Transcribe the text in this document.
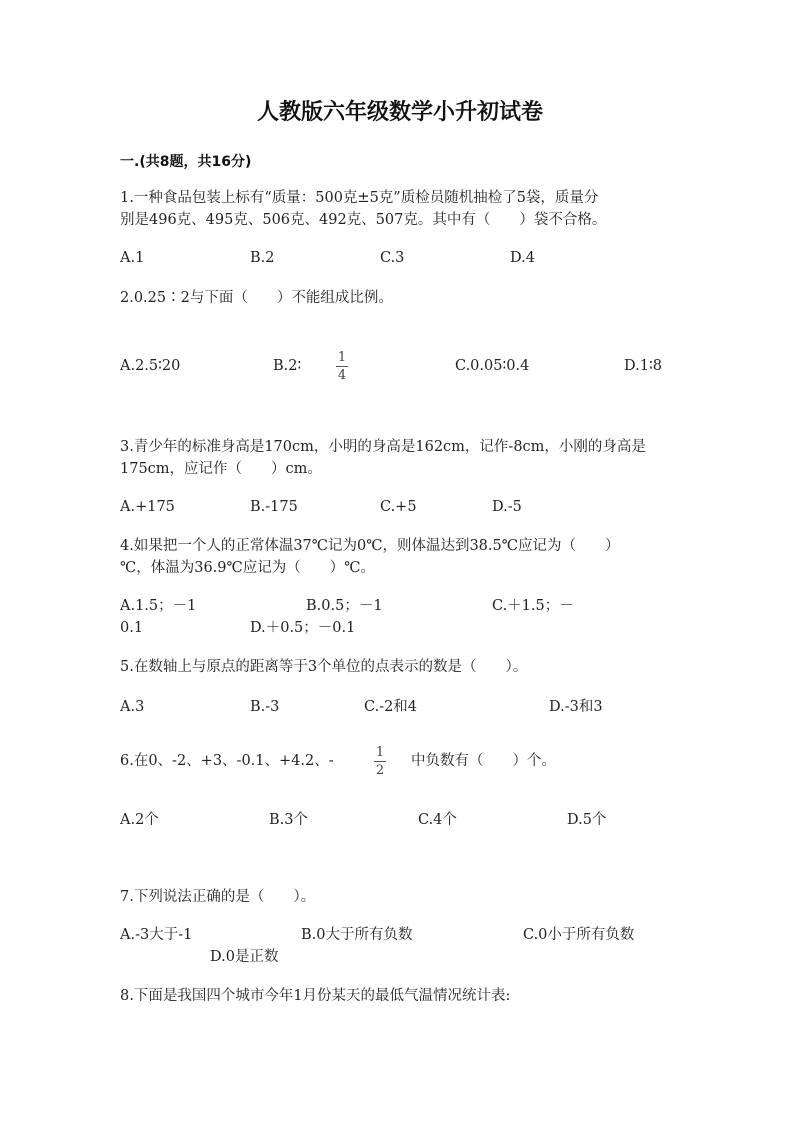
人教版六年级数学小升初试卷
一.(共8题，共16分)
1.一种食品包装上标有“质量：500克±5克”质检员随机抽检了5袋，质量分
别是496克、495克、506克、492克、507克。其中有（　　）袋不合格。
A.1	B.2	C.3	D.4
2.0.25∶2与下面（　　）不能组成比例。
A.2.5∶20	B.2∶
1
4
C.0.05∶0.4	D.1∶8
3.青少年的标准身高是170cm，小明的身高是162cm，记作-8cm，小刚的身高是
175cm，应记作（　　）cm。
A.+175	B.-175	C.+5	D.-5
4.如果把一个人的正常体温37℃记为0℃，则体温达到38.5℃应记为（　　）
℃，体温为36.9℃应记为（　　）℃。
A.1.5；－1	B.0.5；－1	C.＋1.5；－
0.1	D.＋0.5；－0.1
5.在数轴上与原点的距离等于3个单位的点表示的数是（　　）。
A.3	B.-3	C.-2和4	D.-3和3
6.在0、-2、+3、-0.1、+4.2、-
1
2
中负数有（　　）个。
A.2个	B.3个	C.4个	D.5个
7.下列说法正确的是（　　）。
A.-3大于-1	B.0大于所有负数	C.0小于所有负数
D.0是正数
8.下面是我国四个城市今年1月份某天的最低气温情况统计表:
